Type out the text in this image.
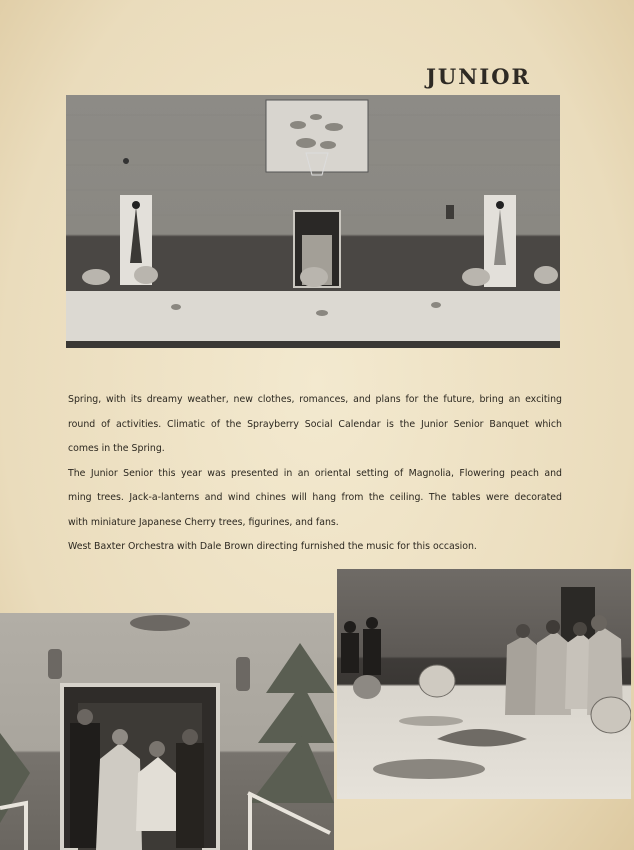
JUNIOR

Spring, with its dreamy weather, new clothes, romances, and plans for the future, bring an exciting

round of activities. Climatic of the Sprayberry Social Calendar is the Junior Senior Banquet which

comes in the Spring.

The Junior Senior this year was presented in an oriental setting of Magnolia, Flowering peach and

ming trees. Jack-a-lanterns and wind chines will hang from the ceiling. The tables were decorated

with miniature Japanese Cherry trees, figurines, and fans.

West Baxter Orchestra with Dale Brown directing furnished the music for this occasion.
